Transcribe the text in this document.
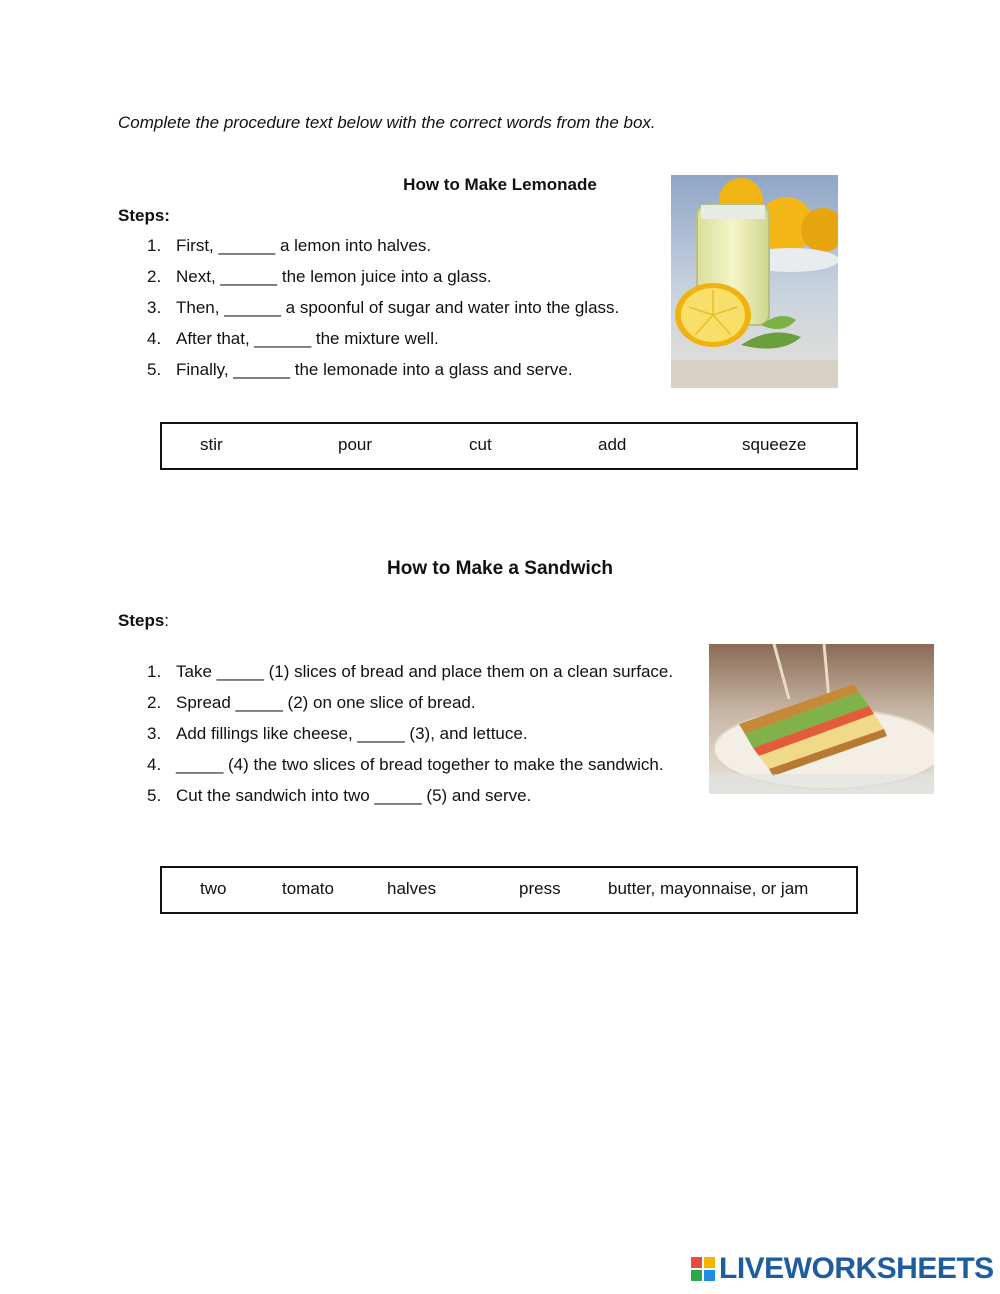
Complete the procedure text below with the correct words from the box.
How to Make Lemonade
Steps:
1. First, ______ a lemon into halves.
2. Next, ______ the lemon juice into a glass.
3. Then, ______ a spoonful of sugar and water into the glass.
4. After that, ______ the mixture well.
5. Finally, ______ the lemonade into a glass and serve.
stir	pour	cut	add	squeeze
How to Make a Sandwich
Steps:
1. Take _____ (1) slices of bread and place them on a clean surface.
2. Spread _____ (2) on one slice of bread.
3. Add fillings like cheese, _____ (3), and lettuce.
4. _____ (4) the two slices of bread together to make the sandwich.
5. Cut the sandwich into two _____ (5) and serve.
two	tomato	halves	press	butter, mayonnaise, or jam
LIVEWORKSHEETS
